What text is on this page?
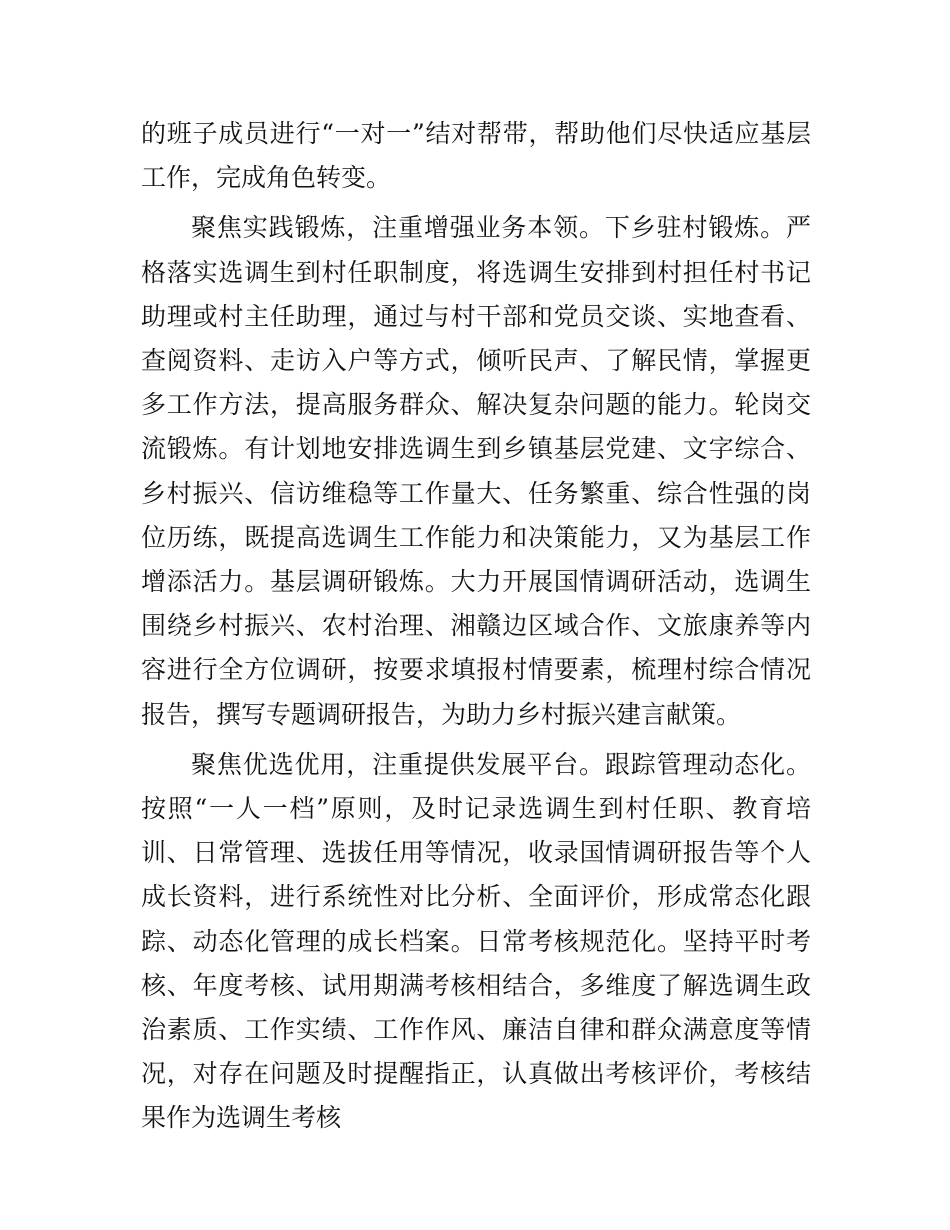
的班子成员进行“一对一”结对帮带，帮助他们尽快适应基层工作，完成角色转变。

聚焦实践锻炼，注重增强业务本领。下乡驻村锻炼。严格落实选调生到村任职制度，将选调生安排到村担任村书记助理或村主任助理，通过与村干部和党员交谈、实地查看、查阅资料、走访入户等方式，倾听民声、了解民情，掌握更多工作方法，提高服务群众、解决复杂问题的能力。轮岗交流锻炼。有计划地安排选调生到乡镇基层党建、文字综合、乡村振兴、信访维稳等工作量大、任务繁重、综合性强的岗位历练，既提高选调生工作能力和决策能力，又为基层工作增添活力。基层调研锻炼。大力开展国情调研活动，选调生围绕乡村振兴、农村治理、湘赣边区域合作、文旅康养等内容进行全方位调研，按要求填报村情要素，梳理村综合情况报告，撰写专题调研报告，为助力乡村振兴建言献策。

聚焦优选优用，注重提供发展平台。跟踪管理动态化。按照“一人一档”原则，及时记录选调生到村任职、教育培训、日常管理、选拔任用等情况，收录国情调研报告等个人成长资料，进行系统性对比分析、全面评价，形成常态化跟踪、动态化管理的成长档案。日常考核规范化。坚持平时考核、年度考核、试用期满考核相结合，多维度了解选调生政治素质、工作实绩、工作作风、廉洁自律和群众满意度等情况，对存在问题及时提醒指正，认真做出考核评价，考核结果作为选调生考核
